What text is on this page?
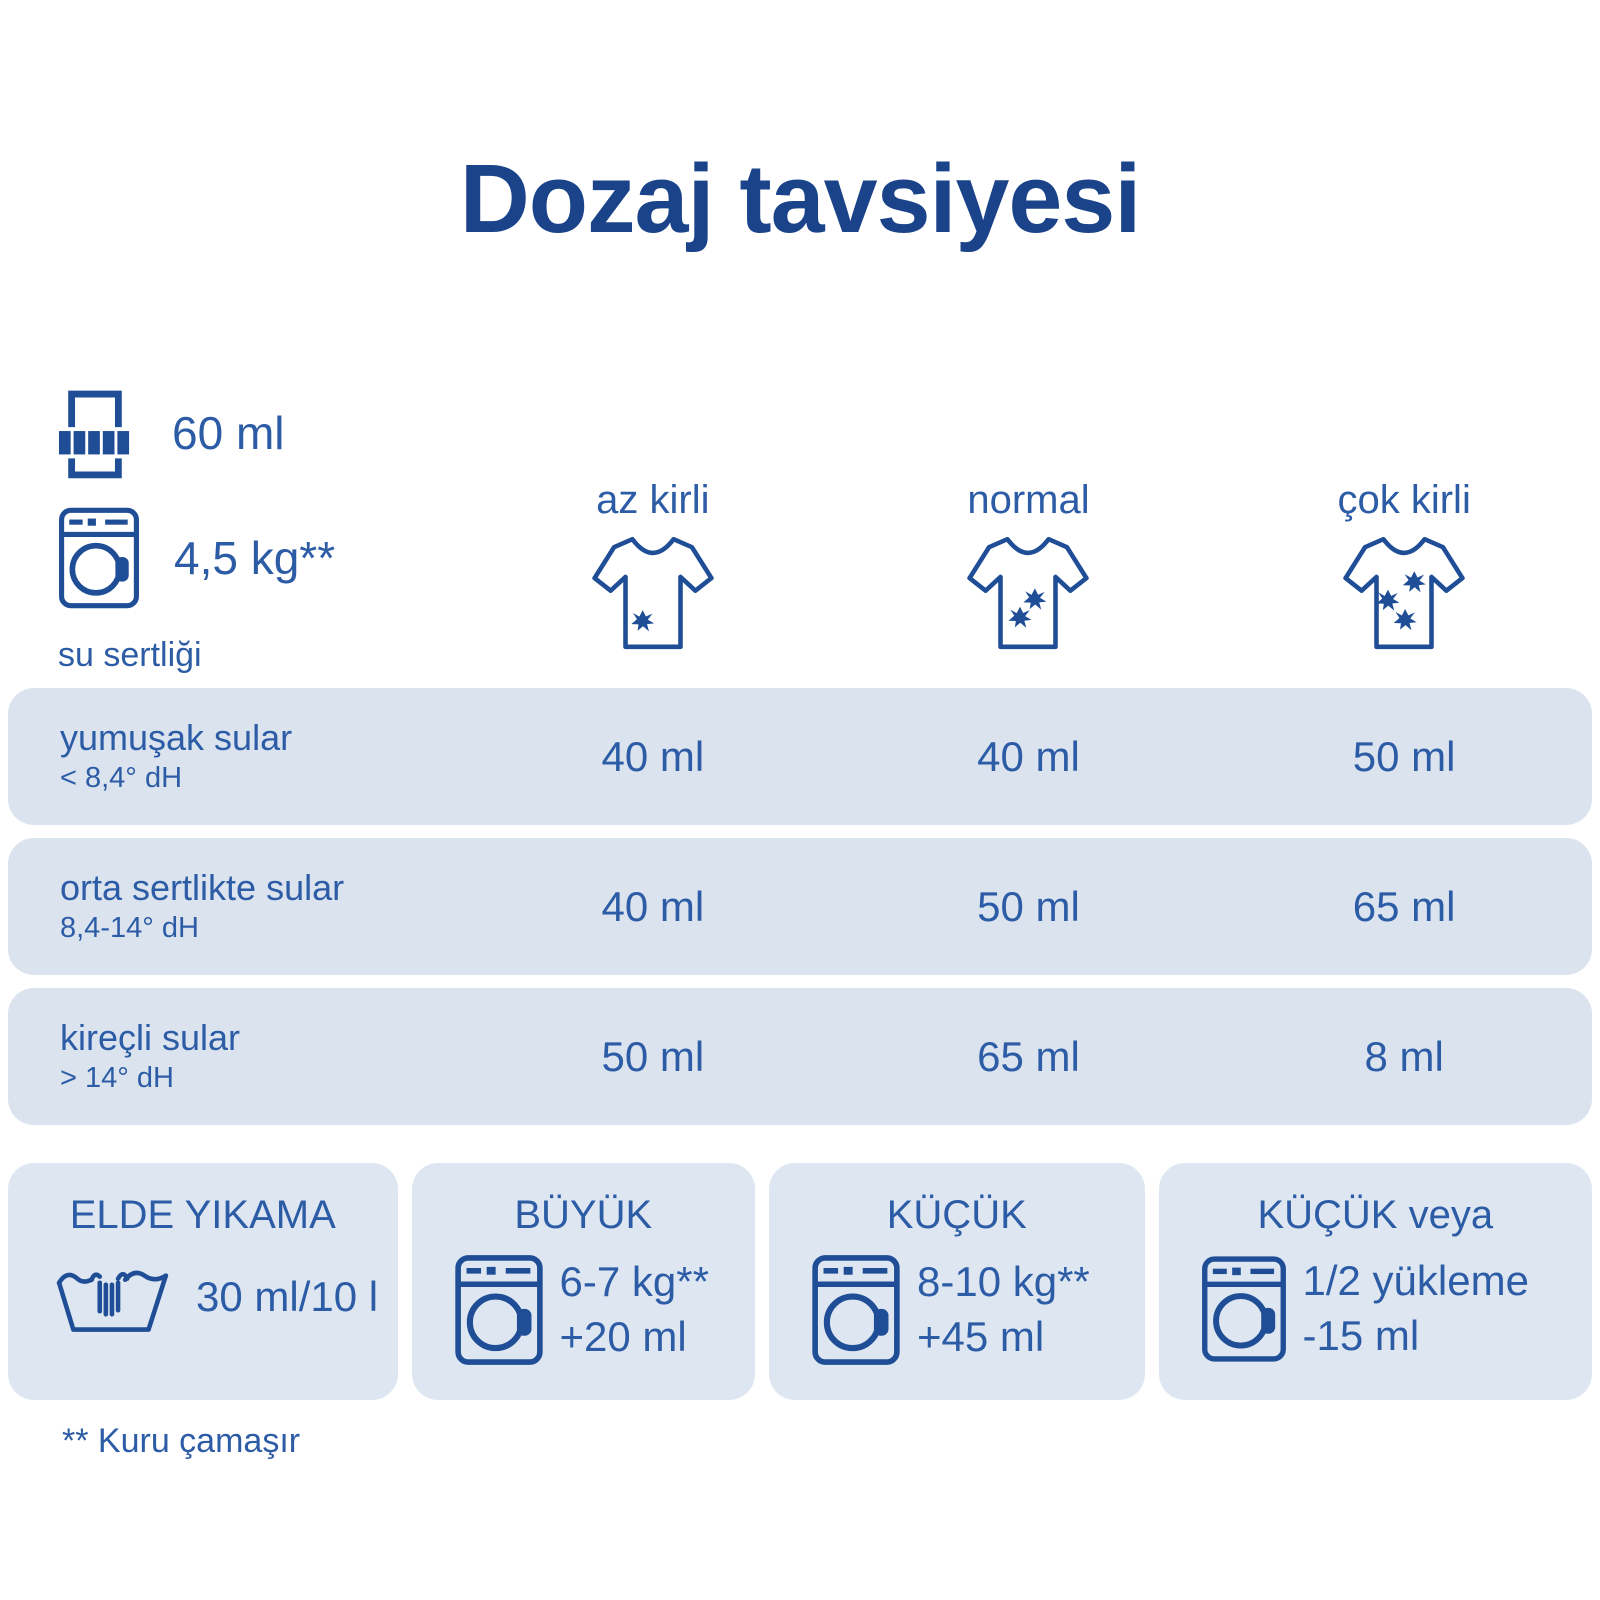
Dozaj tavsiyesi
60 ml
4,5 kg**
su sertliği
az kirli	normal	çok kirli
yumuşak sular
< 8,4° dH	40 ml	40 ml	50 ml
orta sertlikte sular
8,4-14° dH	40 ml	50 ml	65 ml
kireçli sular
> 14° dH	50 ml	65 ml	8 ml
ELDE YIKAMA
30 ml/10 l
BÜYÜK
6-7 kg**
+20 ml
KÜÇÜK
8-10 kg**
+45 ml
KÜÇÜK veya
1/2 yükleme
-15 ml
** Kuru çamaşır
